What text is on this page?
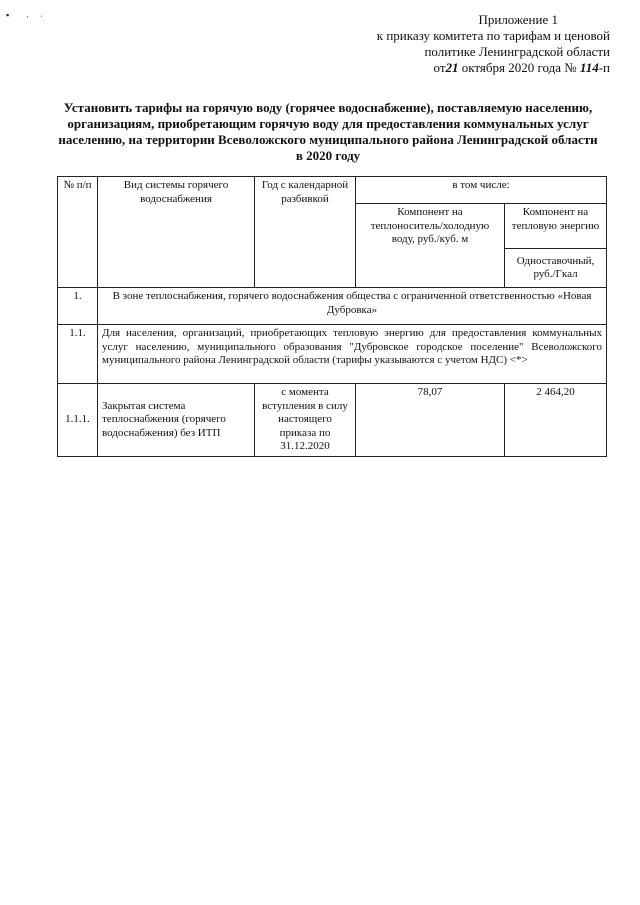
▪ · ˈ	Приложение 1
к приказу комитета по тарифам и ценовой
политике Ленинградской области
от21 октября 2020 года № 114-п
Установить тарифы на горячую воду (горячее водоснабжение), поставляемую населению,
организациям, приобретающим горячую воду для предоставления коммунальных услуг
населению, на территории Всеволожского муниципального района Ленинградской области
в 2020 году
№ п/п	Вид системы горячего водоснабжения	Год с календарной разбивкой	в том числе:	
			Компонент на теплоноситель/холодную воду, руб./куб. м	Компонент на тепловую энергию
				Одноставочный, руб./Гкал
1.	В зоне теплоснабжения, горячего водоснабжения общества с ограниченной ответственностью «Новая Дубровка»			
1.1.	Для населения, организаций, приобретающих тепловую энергию для предоставления коммунальных услуг населению, муниципального образования "Дубровское городское поселение" Всеволожского муниципального района Ленинградской области (тарифы указываются с учетом НДС) <*>			
1.1.1.	Закрытая система теплоснабжения (горячего водоснабжения) без ИТП	с момента вступления в силу настоящего приказа по 31.12.2020	78,07	2 464,20
